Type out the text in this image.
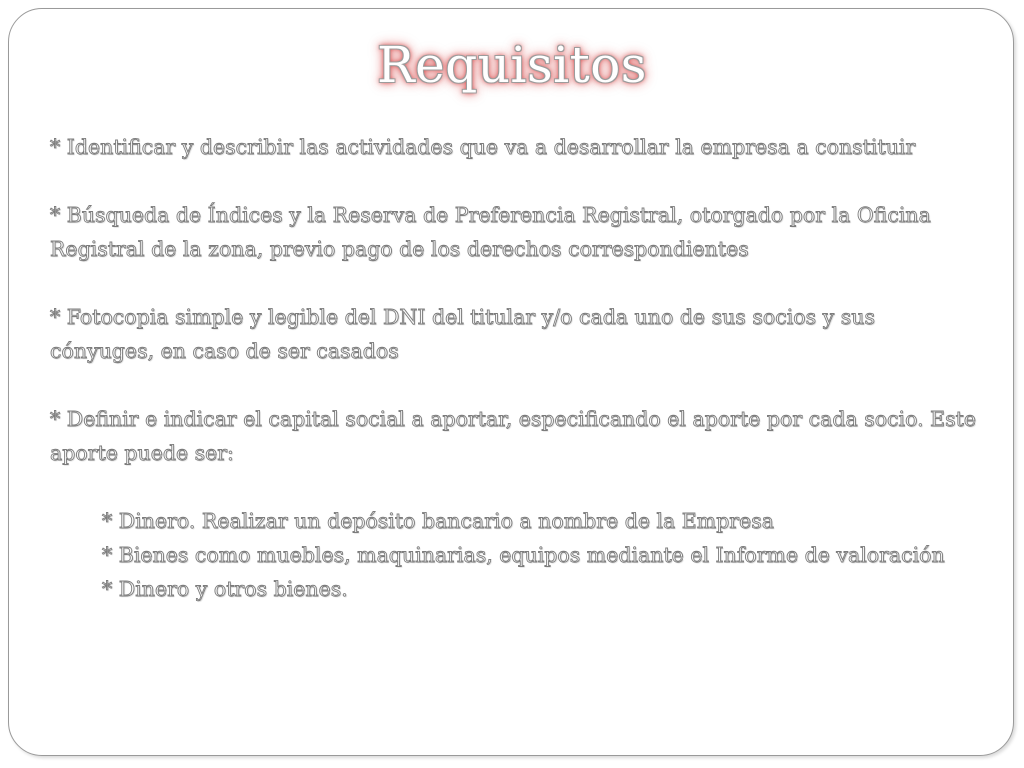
Requisitos

* Identificar y describir las actividades que va a desarrollar la empresa a constituir

* Búsqueda de Índices y la Reserva de Preferencia Registral, otorgado por la Oficina Registral de la zona, previo pago de los derechos correspondientes

* Fotocopia simple y legible del DNI del titular y/o cada uno de sus socios y sus cónyuges, en caso de ser casados

* Definir e indicar el capital social a aportar, especificando el aporte por cada socio. Este aporte puede ser:

* Dinero. Realizar un depósito bancario a nombre de la Empresa

* Bienes como muebles, maquinarias, equipos mediante el Informe de valoración

* Dinero y otros bienes.
